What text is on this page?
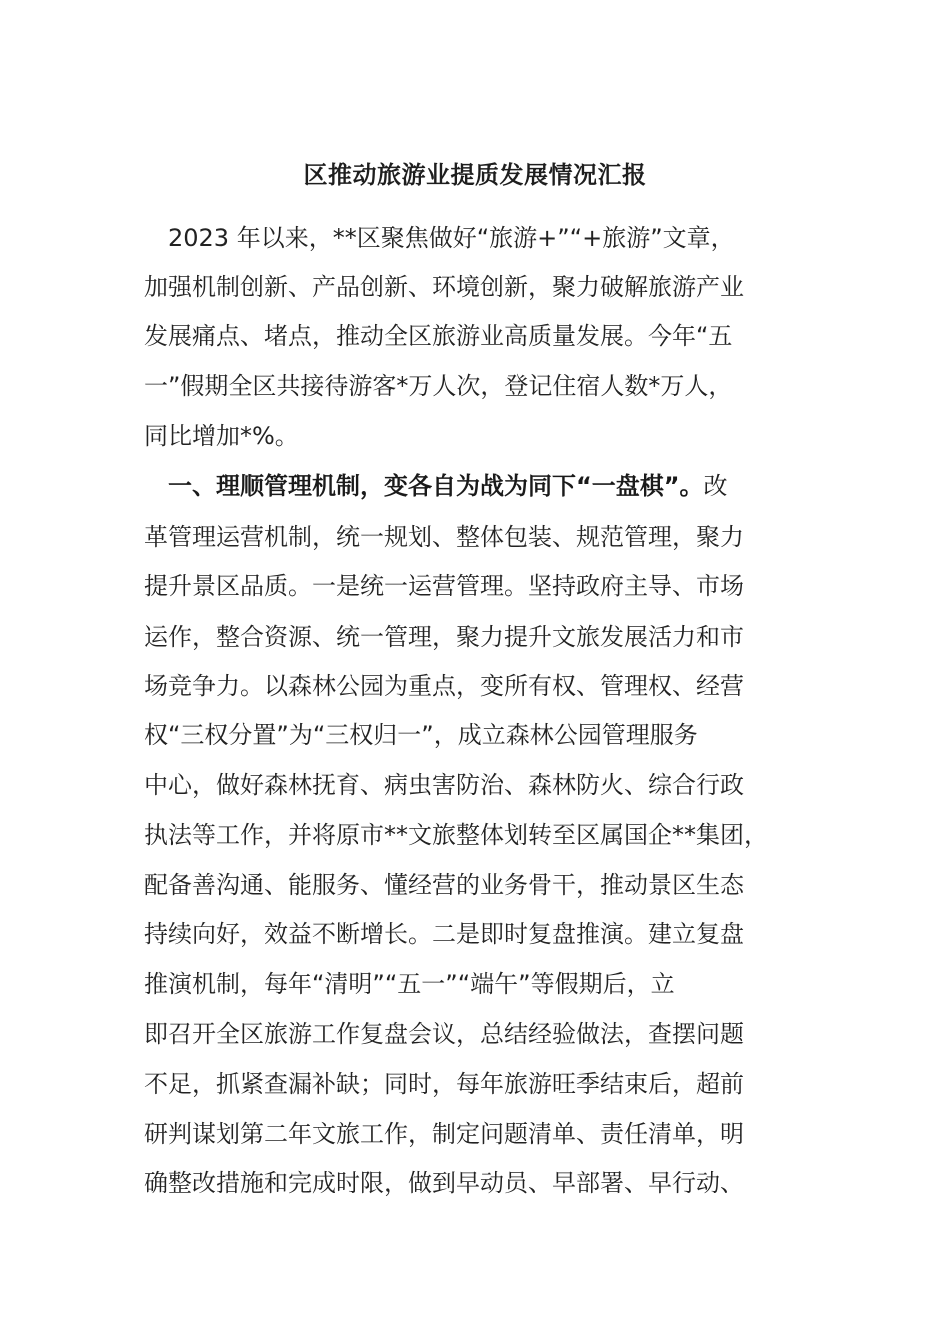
区推动旅游业提质发展情况汇报
　2023 年以来，**区聚焦做好“旅游+”“+旅游”文章，
加强机制创新、产品创新、环境创新，聚力破解旅游产业
发展痛点、堵点，推动全区旅游业高质量发展。今年“五
一”假期全区共接待游客*万人次，登记住宿人数*万人，
同比增加*%。
　一、理顺管理机制，变各自为战为同下“一盘棋”。改
革管理运营机制，统一规划、整体包装、规范管理，聚力
提升景区品质。一是统一运营管理。坚持政府主导、市场
运作，整合资源、统一管理，聚力提升文旅发展活力和市
场竞争力。以森林公园为重点，变所有权、管理权、经营
权“三权分置”为“三权归一”，成立森林公园管理服务
中心，做好森林抚育、病虫害防治、森林防火、综合行政
执法等工作，并将原市**文旅整体划转至区属国企**集团，
配备善沟通、能服务、懂经营的业务骨干，推动景区生态
持续向好，效益不断增长。二是即时复盘推演。建立复盘
推演机制，每年“清明”“五一”“端午”等假期后，立
即召开全区旅游工作复盘会议，总结经验做法，查摆问题
不足，抓紧查漏补缺；同时，每年旅游旺季结束后，超前
研判谋划第二年文旅工作，制定问题清单、责任清单，明
确整改措施和完成时限，做到早动员、早部署、早行动、
